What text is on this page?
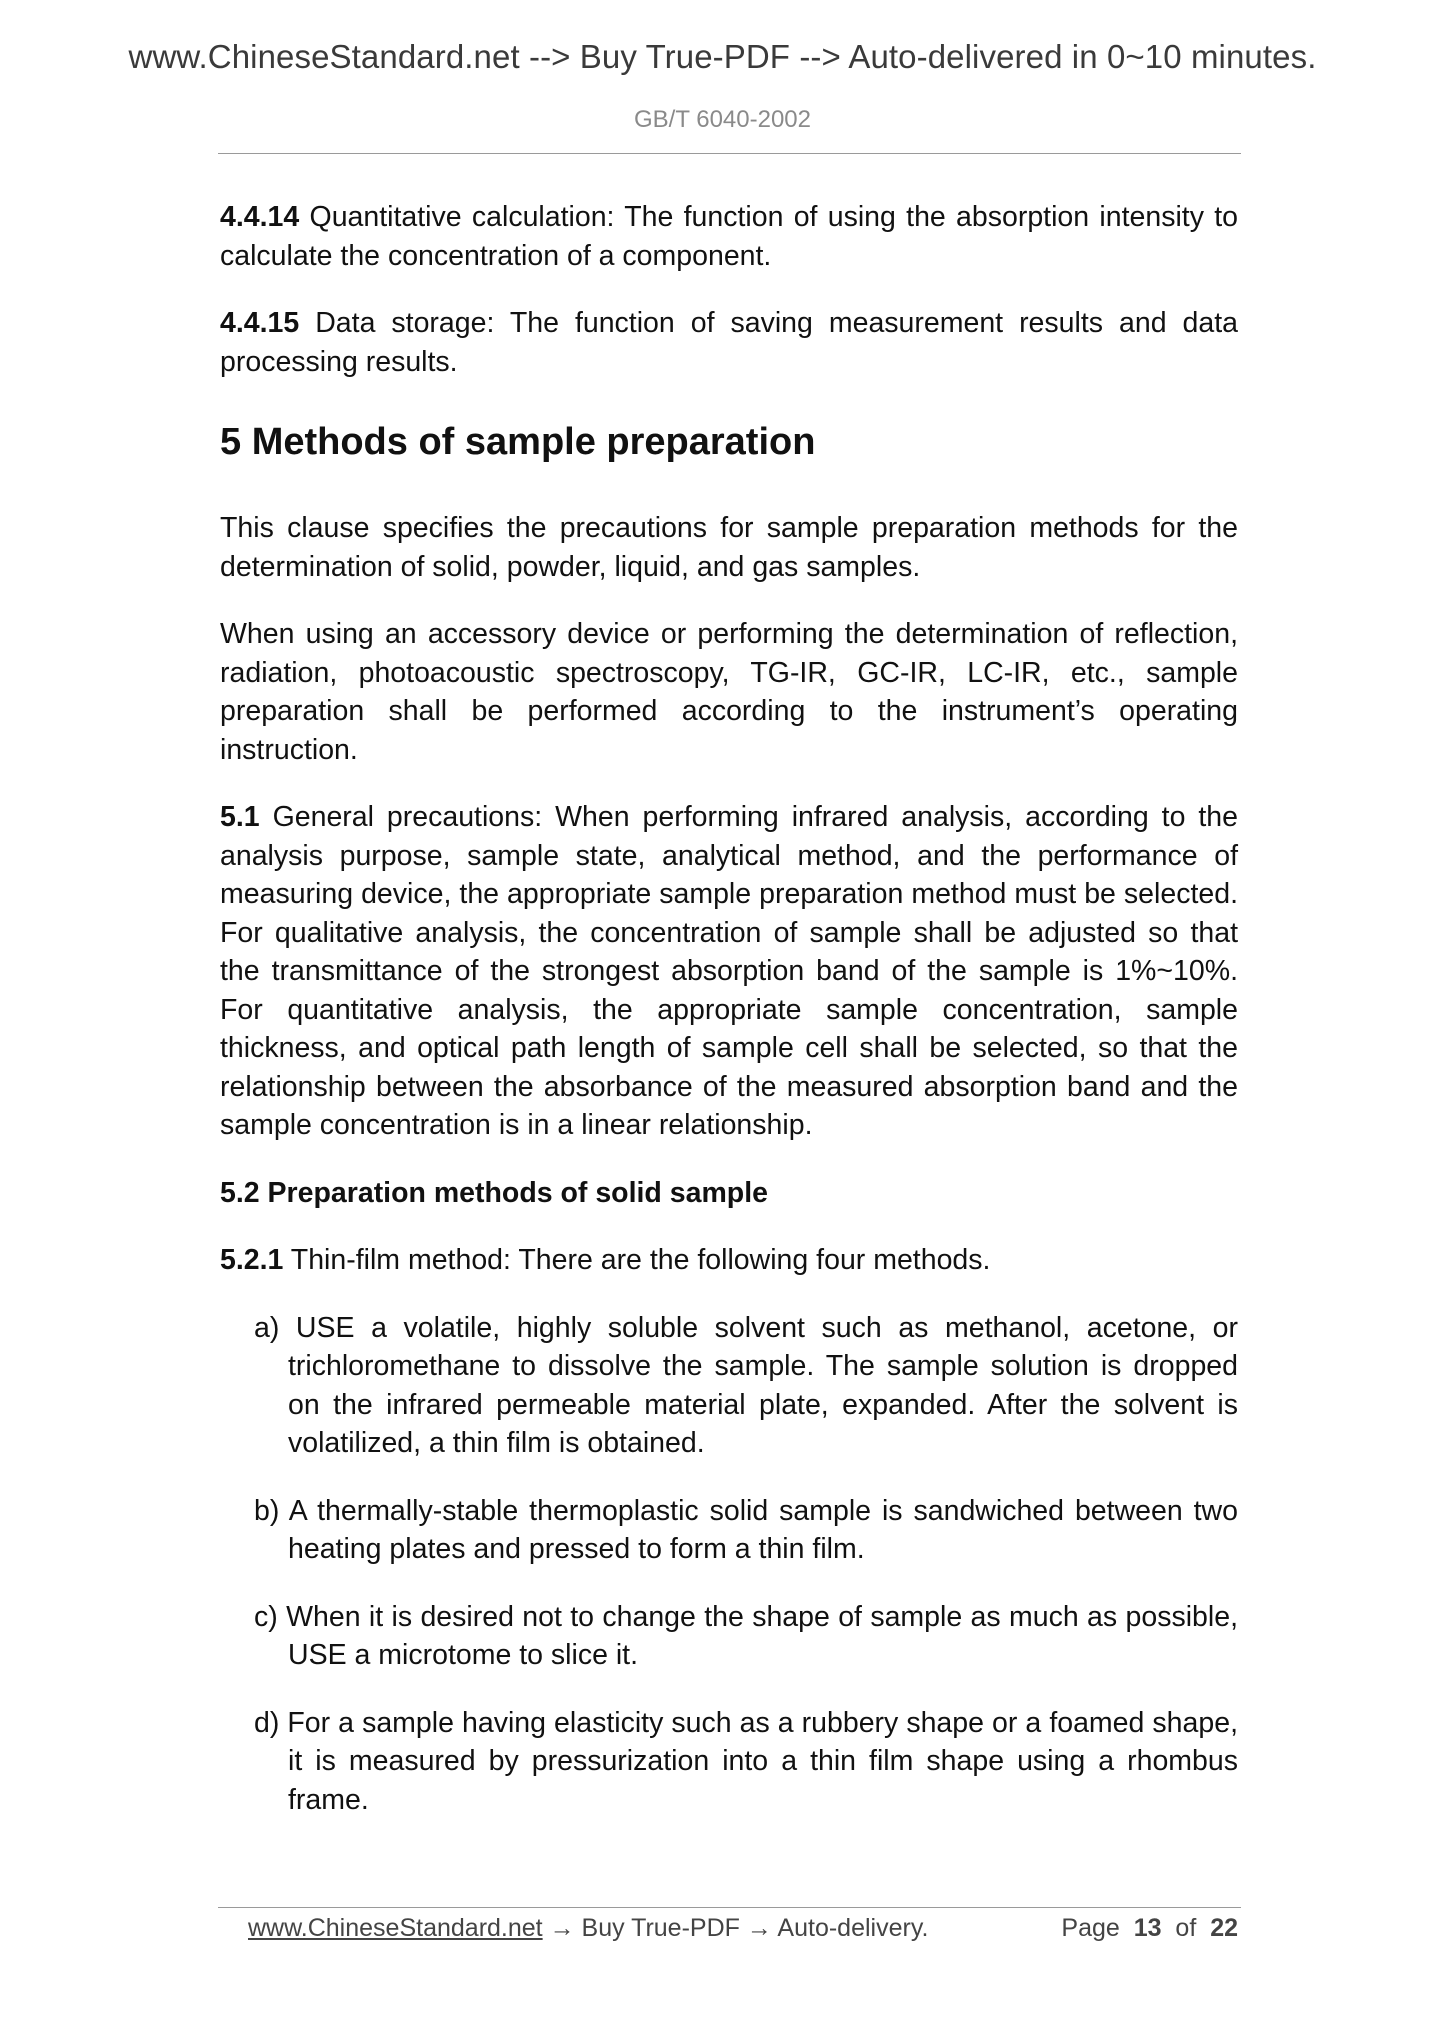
www.ChineseStandard.net --> Buy True-PDF --> Auto-delivered in 0~10 minutes.
GB/T 6040-2002

4.4.14 Quantitative calculation: The function of using the absorption intensity to calculate the concentration of a component.

4.4.15 Data storage: The function of saving measurement results and data processing results.

5 Methods of sample preparation

This clause specifies the precautions for sample preparation methods for the determination of solid, powder, liquid, and gas samples.

When using an accessory device or performing the determination of reflection, radiation, photoacoustic spectroscopy, TG-IR, GC-IR, LC-IR, etc., sample preparation shall be performed according to the instrument’s operating instruction.

5.1 General precautions: When performing infrared analysis, according to the analysis purpose, sample state, analytical method, and the performance of measuring device, the appropriate sample preparation method must be selected. For qualitative analysis, the concentration of sample shall be adjusted so that the transmittance of the strongest absorption band of the sample is 1%~10%. For quantitative analysis, the appropriate sample concentration, sample thickness, and optical path length of sample cell shall be selected, so that the relationship between the absorbance of the measured absorption band and the sample concentration is in a linear relationship.

5.2 Preparation methods of solid sample

5.2.1 Thin-film method: There are the following four methods.

a) USE a volatile, highly soluble solvent such as methanol, acetone, or trichloromethane to dissolve the sample. The sample solution is dropped on the infrared permeable material plate, expanded. After the solvent is volatilized, a thin film is obtained.
b) A thermally-stable thermoplastic solid sample is sandwiched between two heating plates and pressed to form a thin film.
c) When it is desired not to change the shape of sample as much as possible, USE a microtome to slice it.
d) For a sample having elasticity such as a rubbery shape or a foamed shape, it is measured by pressurization into a thin film shape using a rhombus frame.
www.ChineseStandard.net → Buy True-PDF → Auto-delivery.	Page 13 of 22
